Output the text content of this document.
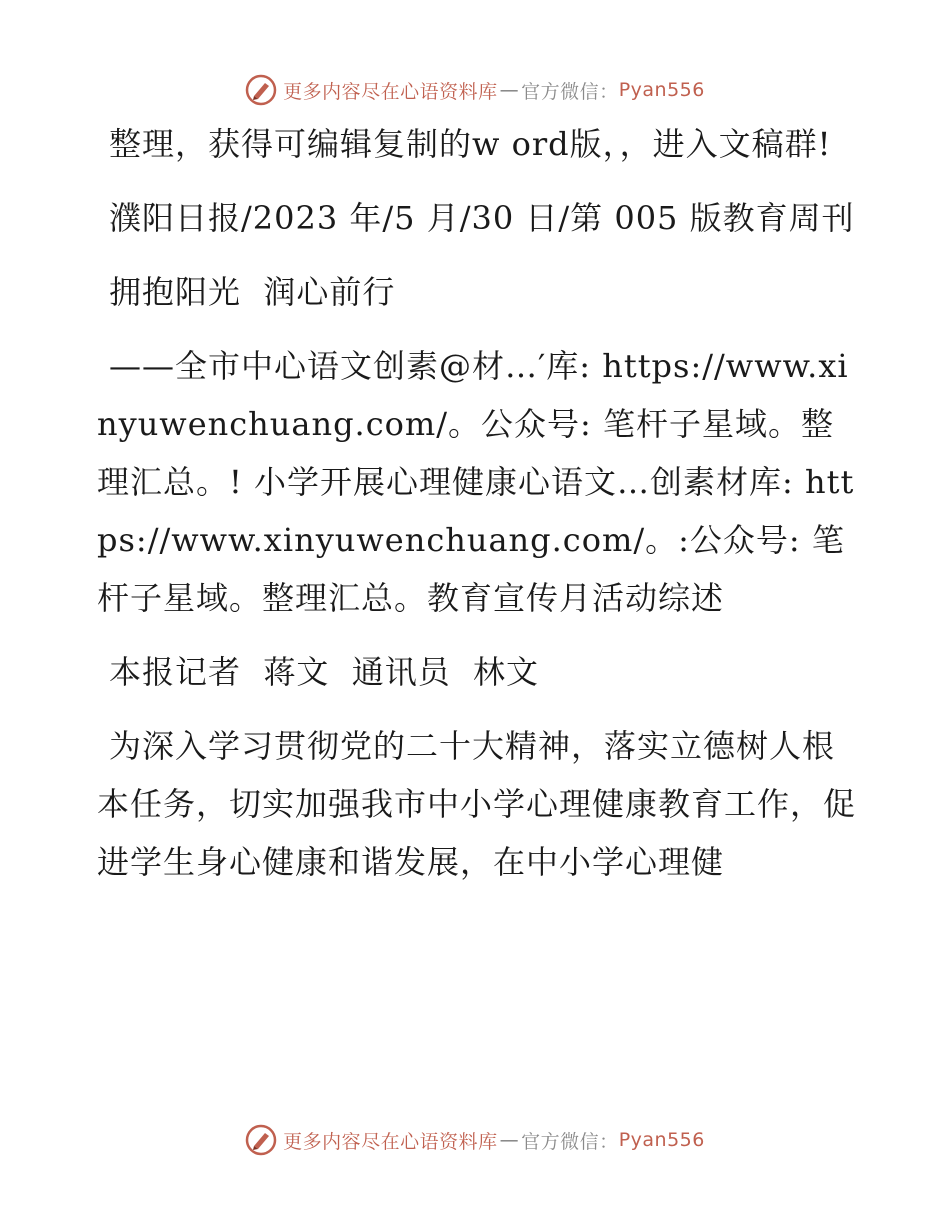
更多内容尽在心语资料库 — 官方微信： Pyan556

整理，获得可编辑复制的w ord版，，进入文稿群!

濮阳日报/2023 年/5 月/30 日/第 005 版教育周刊

拥抱阳光  润心前行

——全市中心语文创素@材…′库: https://www.xinyuwenchuang.com/。公众号: 笔杆子星域。整理汇总。! 小学开展心理健康心语文…创素材库: https://www.xinyuwenchuang.com/。:公众号: 笔杆子星域。整理汇总。教育宣传月活动综述

本报记者  蒋文  通讯员  林文

为深入学习贯彻党的二十大精神，落实立德树人根本任务，切实加强我市中小学心理健康教育工作，促进学生身心健康和谐发展，在中小学心理健

更多内容尽在心语资料库 — 官方微信： Pyan556
